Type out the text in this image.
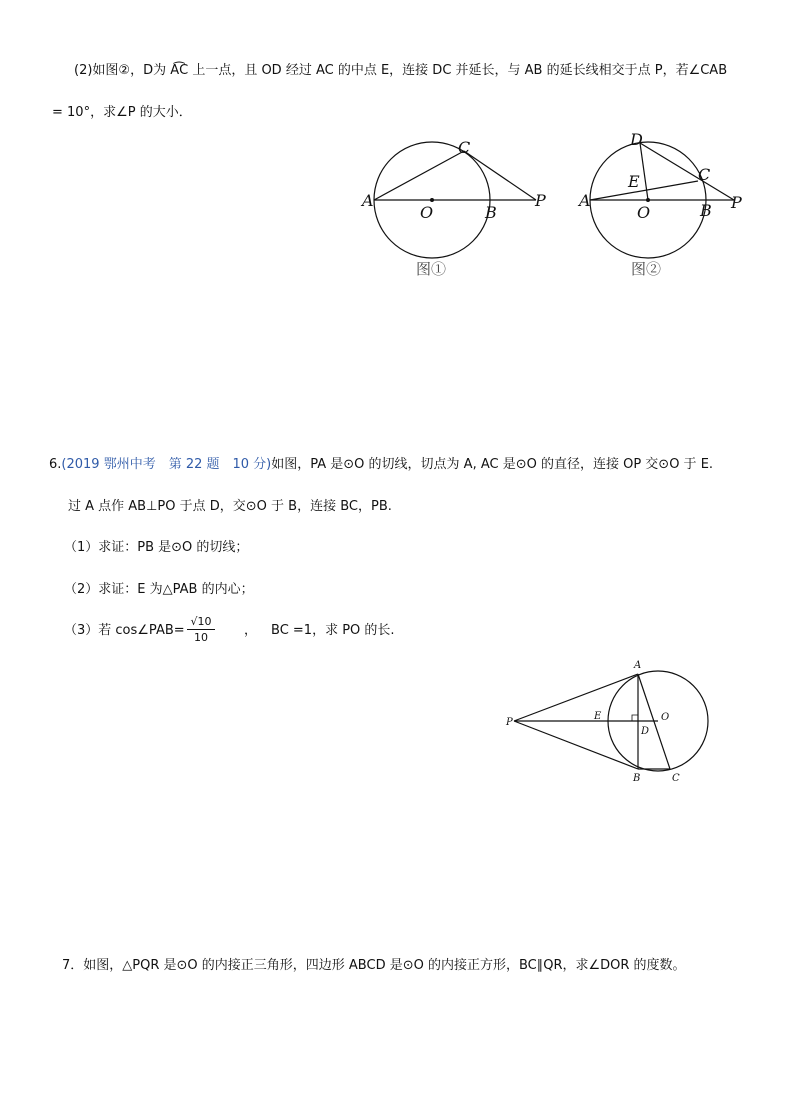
(2)如图②，D为 A͡C 上一点，且 OD 经过 AC 的中点 E，连接 DC 并延长，与 AB 的延长线相交于点 P，若∠CAB
= 10°，求∠P 的大小．
A
O	B
C
P
图①
A
O	B
C
P
D
E
图②
A
P
E
D
O
B	C
6.(2019 鄂州中考　第 22 题　10 分)如图，PA 是⊙O 的切线，切点为 A, AC 是⊙O 的直径，连接 OP 交⊙O 于 E.
过 A 点作 AB⊥PO 于点 D，交⊙O 于 B，连接 BC，PB.
（1）求证：PB 是⊙O 的切线；
（2）求证：E 为△PAB 的内心；
（3）若 cos∠PAB=
√10
10	， BC =1，求 PO 的长.
7．如图，△PQR 是⊙O 的内接正三角形，四边形 ABCD 是⊙O 的内接正方形，BC∥QR，求∠DOR 的度数。
